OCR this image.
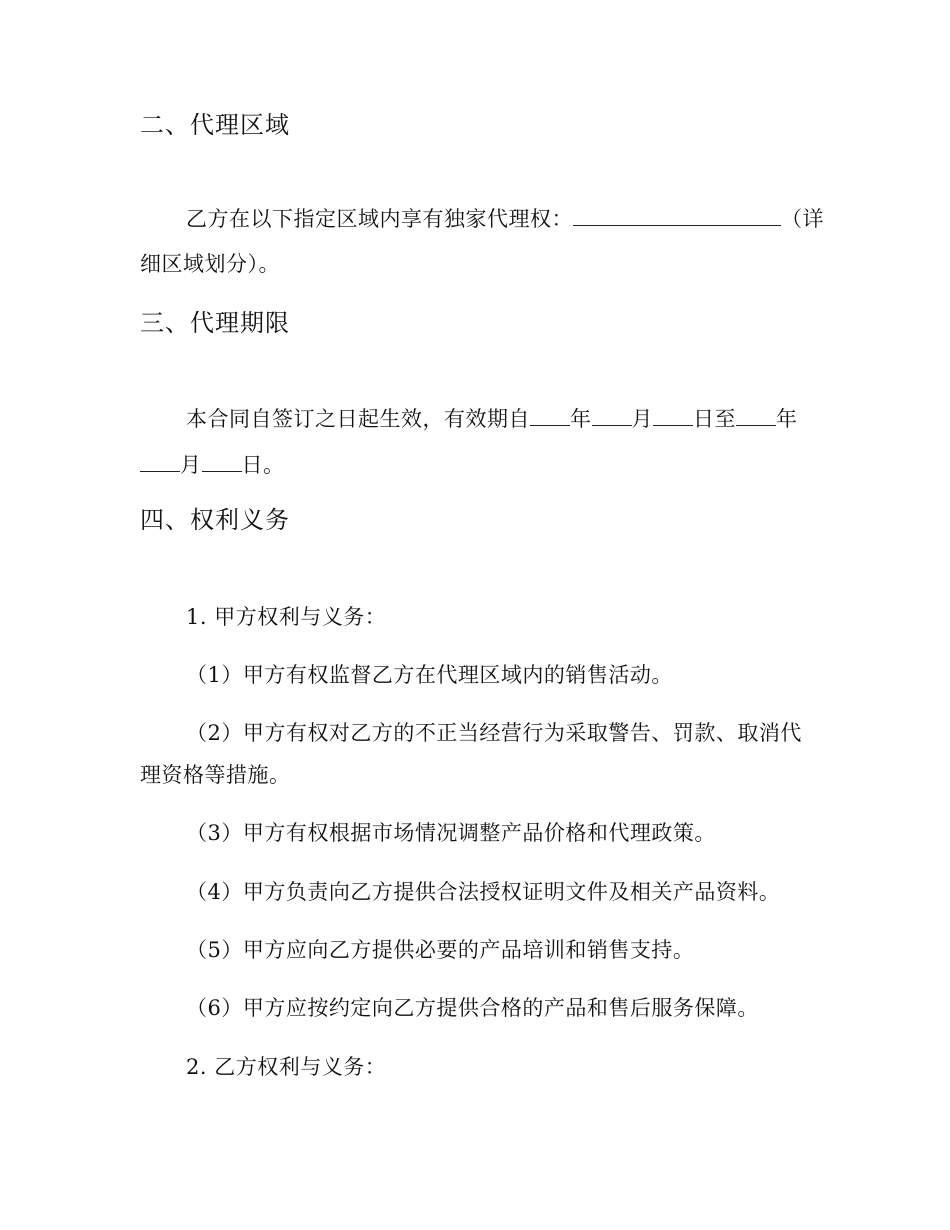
二、代理区域
乙方在以下指定区域内享有独家代理权：	（详
细区域划分）。
三、代理期限
本合同自签订之日起生效，有效期自 年 月 日至 年
月 日。
四、权利义务
1. 甲方权利与义务：
（1）甲方有权监督乙方在代理区域内的销售活动。
（2）甲方有权对乙方的不正当经营行为采取警告、罚款、取消代
理资格等措施。
（3）甲方有权根据市场情况调整产品价格和代理政策。
（4）甲方负责向乙方提供合法授权证明文件及相关产品资料。
（5）甲方应向乙方提供必要的产品培训和销售支持。
（6）甲方应按约定向乙方提供合格的产品和售后服务保障。
2. 乙方权利与义务：
